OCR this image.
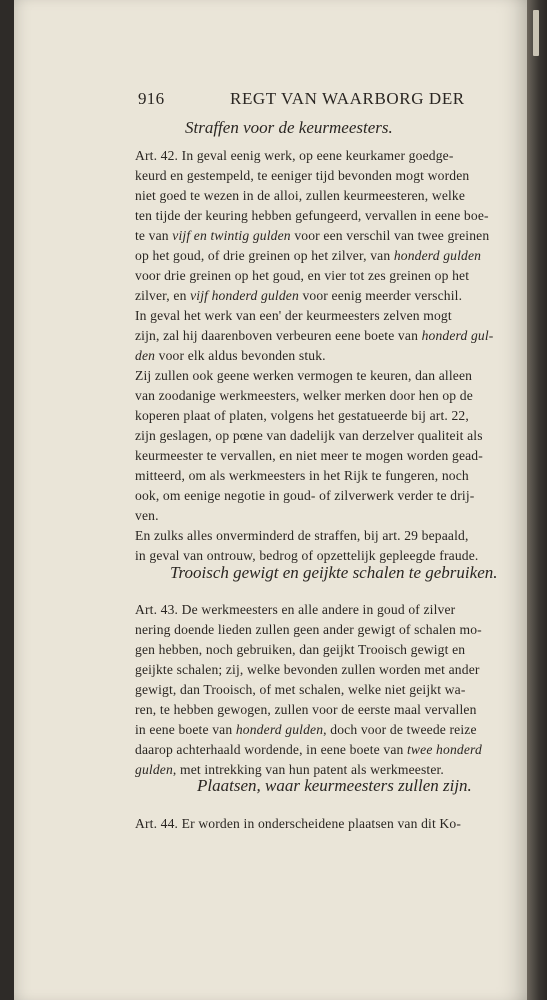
916	REGT VAN WAARBORG DER
Straffen voor de keurmeesters.
Art. 42. In geval eenig werk, op eene keurkamer goedge-
keurd en gestempeld, te eeniger tijd bevonden mogt worden
niet goed te wezen in de alloi, zullen keurmeesteren, welke
ten tijde der keuring hebben gefungeerd, vervallen in eene boe-
te van vijf en twintig gulden voor een verschil van twee greinen
op het goud, of drie greinen op het zilver, van honderd gulden
voor drie greinen op het goud, en vier tot zes greinen op het
zilver, en vijf honderd gulden voor eenig meerder verschil.
In geval het werk van een' der keurmeesters zelven mogt
zijn, zal hij daarenboven verbeuren eene boete van honderd gul-
den voor elk aldus bevonden stuk.
Zij zullen ook geene werken vermogen te keuren, dan alleen
van zoodanige werkmeesters, welker merken door hen op de
koperen plaat of platen, volgens het gestatueerde bij art. 22,
zijn geslagen, op pœne van dadelijk van derzelver qualiteit als
keurmeester te vervallen, en niet meer te mogen worden gead-
mitteerd, om als werkmeesters in het Rijk te fungeren, noch
ook, om eenige negotie in goud- of zilverwerk verder te drij-
ven.
En zulks alles onverminderd de straffen, bij art. 29 bepaald,
in geval van ontrouw, bedrog of opzettelijk gepleegde fraude.
Trooisch gewigt en geijkte schalen te gebruiken.
Art. 43. De werkmeesters en alle andere in goud of zilver
nering doende lieden zullen geen ander gewigt of schalen mo-
gen hebben, noch gebruiken, dan geijkt Trooisch gewigt en
geijkte schalen; zij, welke bevonden zullen worden met ander
gewigt, dan Trooisch, of met schalen, welke niet geijkt wa-
ren, te hebben gewogen, zullen voor de eerste maal vervallen
in eene boete van honderd gulden, doch voor de tweede reize
daarop achterhaald wordende, in eene boete van twee honderd
gulden, met intrekking van hun patent als werkmeester.
Plaatsen, waar keurmeesters zullen zijn.
Art. 44. Er worden in onderscheidene plaatsen van dit Ko-
